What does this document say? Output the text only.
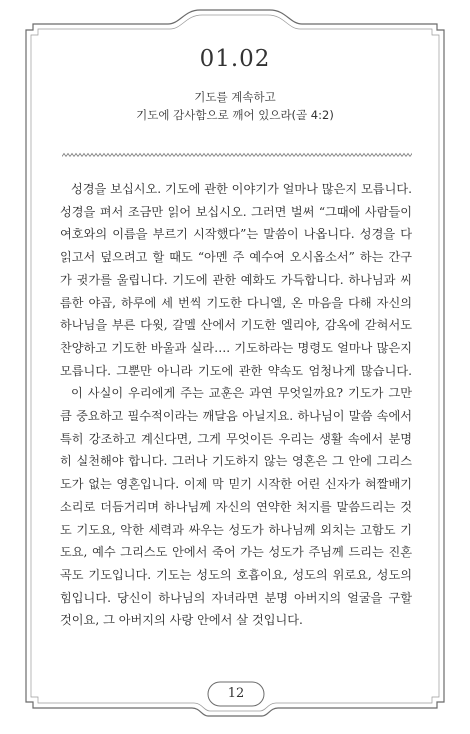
01.02
기도를 계속하고
기도에 감사함으로 깨어 있으라(골 4:2)

성경을 보십시오. 기도에 관한 이야기가 얼마나 많은지 모릅니다. 성경을 펴서 조금만 읽어 보십시오. 그러면 벌써 “그때에 사람들이 여호와의 이름을 부르기 시작했다”는 말씀이 나옵니다. 성경을 다 읽고서 덮으려고 할 때도 “아멘 주 예수여 오시옵소서” 하는 간구가 귓가를 울립니다. 기도에 관한 예화도 가득합니다. 하나님과 씨름한 야곱, 하루에 세 번씩 기도한 다니엘, 온 마음을 다해 자신의 하나님을 부른 다윗, 갈멜 산에서 기도한 엘리야, 감옥에 갇혀서도 찬양하고 기도한 바울과 실라…. 기도하라는 명령도 얼마나 많은지 모릅니다. 그뿐만 아니라 기도에 관한 약속도 엄청나게 많습니다.

이 사실이 우리에게 주는 교훈은 과연 무엇일까요? 기도가 그만큼 중요하고 필수적이라는 깨달음 아닐지요. 하나님이 말씀 속에서 특히 강조하고 계신다면, 그게 무엇이든 우리는 생활 속에서 분명히 실천해야 합니다. 그러나 기도하지 않는 영혼은 그 안에 그리스도가 없는 영혼입니다. 이제 막 믿기 시작한 어린 신자가 혀짤배기 소리로 더듬거리며 하나님께 자신의 연약한 처지를 말씀드리는 것도 기도요, 악한 세력과 싸우는 성도가 하나님께 외치는 고함도 기도요, 예수 그리스도 안에서 죽어 가는 성도가 주님께 드리는 진혼곡도 기도입니다. 기도는 성도의 호흡이요, 성도의 위로요, 성도의 힘입니다. 당신이 하나님의 자녀라면 분명 아버지의 얼굴을 구할 것이요, 그 아버지의 사랑 안에서 살 것입니다.

12
